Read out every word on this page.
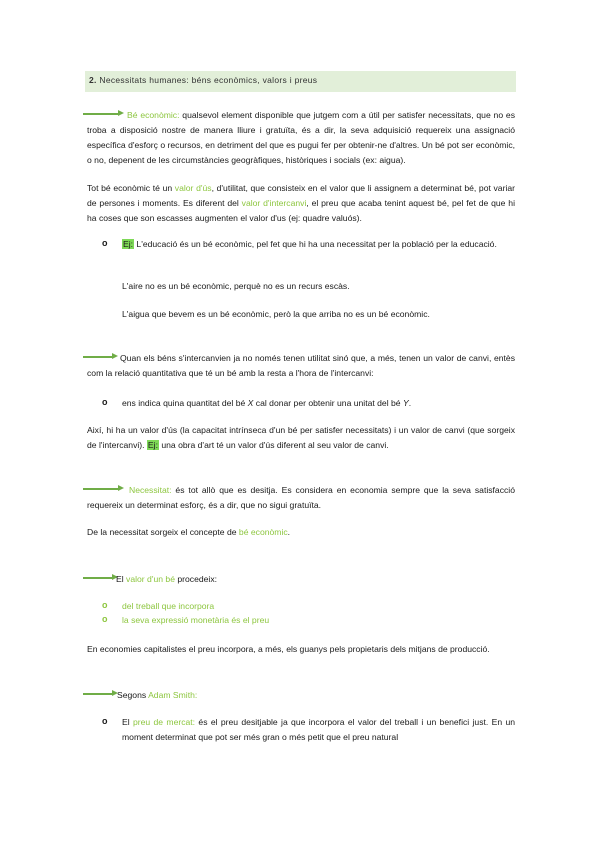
2. Necessitats humanes: béns econòmics, valors i preus
Bé econòmic: qualsevol element disponible que jutgem com a útil per satisfer necessitats, que no es troba a disposició nostre de manera lliure i gratuïta, és a dir, la seva adquisició requereix una assignació específica d'esforç o recursos, en detriment del que es pugui fer per obtenir-ne d'altres. Un bé pot ser econòmic, o no, depenent de les circumstàncies geogràfiques, històriques i socials (ex: aigua).
Tot bé econòmic té un valor d'ús, d'utilitat, que consisteix en el valor que li assignem a determinat bé, pot variar de persones i moments. Es diferent del valor d'intercanvi, el preu que acaba tenint aquest bé, pel fet de que hi ha coses que son escasses augmenten el valor d'us (ej: quadre valuós).
o Ej: L'educació és un bé econòmic, pel fet que hi ha una necessitat per la població per la educació.
L'aire no es un bé econòmic, perquè no es un recurs escàs.
L'aigua que bevem es un bé econòmic, però la que arriba no es un bé econòmic.
Quan els béns s'intercanvien ja no només tenen utilitat sinó que, a més, tenen un valor de canvi, entès com la relació quantitativa que té un bé amb la resta a l'hora de l'intercanvi:
o ens indica quina quantitat del bé X cal donar per obtenir una unitat del bé Y.
Així, hi ha un valor d'ús (la capacitat intrínseca d'un bé per satisfer necessitats) i un valor de canvi (que sorgeix de l'intercanvi). Ej: una obra d'art té un valor d'ús diferent al seu valor de canvi.
Necessitat: és tot allò que es desitja. Es considera en economia sempre que la seva satisfacció requereix un determinat esforç, és a dir, que no sigui gratuïta.
De la necessitat sorgeix el concepte de bé econòmic.
El valor d'un bé procedeix:
o del treball que incorpora
o la seva expressió monetària és el preu
En economies capitalistes el preu incorpora, a més, els guanys pels propietaris dels mitjans de producció.
Segons Adam Smith:
o El preu de mercat: és el preu desitjable ja que incorpora el valor del treball i un benefici just. En un moment determinat que pot ser més gran o més petit que el preu natural
